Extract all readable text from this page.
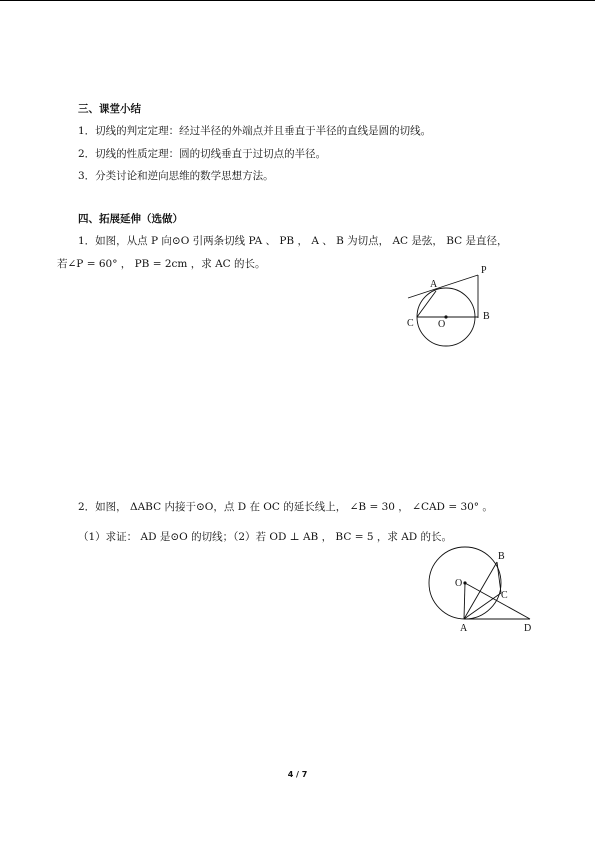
三、课堂小结
1．切线的判定定理：经过半径的外端点并且垂直于半径的直线是圆的切线。
2．切线的性质定理：圆的切线垂直于过切点的半径。
3．分类讨论和逆向思维的数学思想方法。
四、拓展延伸（选做）
1．如图，从点 P 向⊙O 引两条切线 PA 、 PB ， A 、 B 为切点， AC 是弦， BC 是直径，
若∠P = 60° ， PB = 2cm ，求 AC 的长。
A
P
B
C O
2．如图， ΔABC 内接于⊙O，点 D 在 OC 的延长线上， ∠B = 30 ， ∠CAD = 30° 。
（1）求证： AD 是⊙O 的切线；（2）若 OD ⊥ AB ， BC = 5 ，求 AD 的长。
B
O
C
A	D
4 / 7
